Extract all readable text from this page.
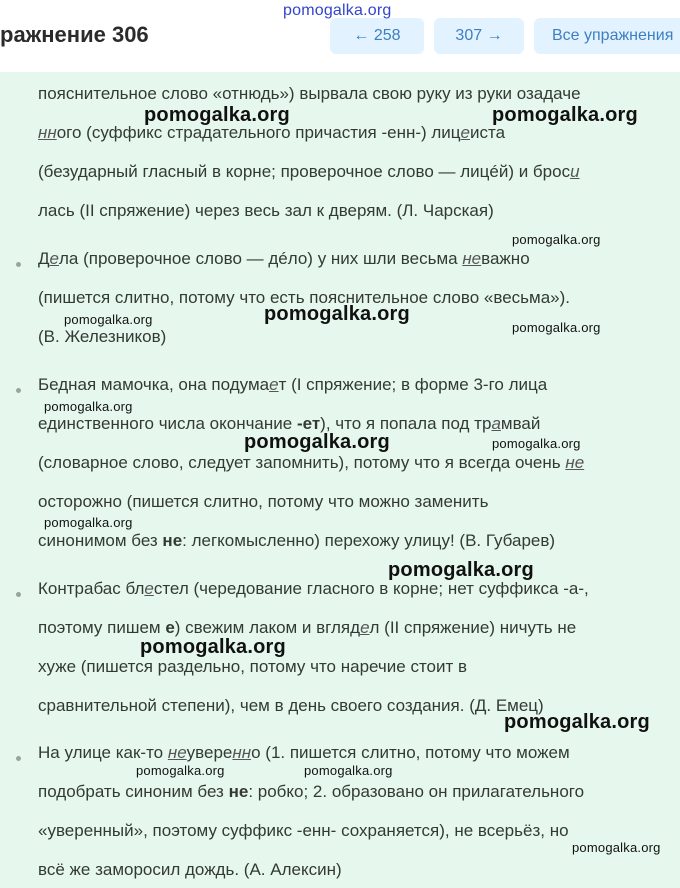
ражнение 306	← 258	307 →	Все упражнения
пояснительное слово «отнюдь») вырвала свою руку из руки озадаче
нного (суффикс страдательного причастия -енн-) лицеиста
(безударный гласный в корне; проверочное слово — лицéй) и броси
лась (II спряжение) через весь зал к дверям. (Л. Чарская)
Дела (проверочное слово — дéло) у них шли весьма неважно
(пишется слитно, потому что есть пояснительное слово «весьма»).
(В. Железников)
Бедная мамочка, она подумает (I спряжение; в форме 3-го лица
единственного числа окончание -ет), что я попала под трамвай
(словарное слово, следует запомнить), потому что я всегда очень не
осторожно (пишется слитно, потому что можно заменить
синонимом без не: легкомысленно) перехожу улицу! (В. Губарев)
Контрабас блестел (чередование гласного в корне; нет суффикса -а-,
поэтому пишем е) свежим лаком и вглядел (II спряжение) ничуть не
хуже (пишется раздельно, потому что наречие стоит в
сравнительной степени), чем в день своего создания. (Д. Емец)
На улице как-то неуверенно (1. пишется слитно, потому что можем
подобрать синоним без не: робко; 2. образовано он прилагательного
«уверенный», поэтому суффикс -енн- сохраняется), не всерьёз, но
всё же заморосил дождь. (А. Алексин)
pomogalka.org
pomogalka.org	pomogalka.org
pomogalka.org
pomogalka.org	pomogalka.org
pomogalka.org
pomogalka.org
pomogalka.org	pomogalka.org
pomogalka.org
pomogalka.org
pomogalka.org
pomogalka.org
pomogalka.org	pomogalka.org
pomogalka.org
